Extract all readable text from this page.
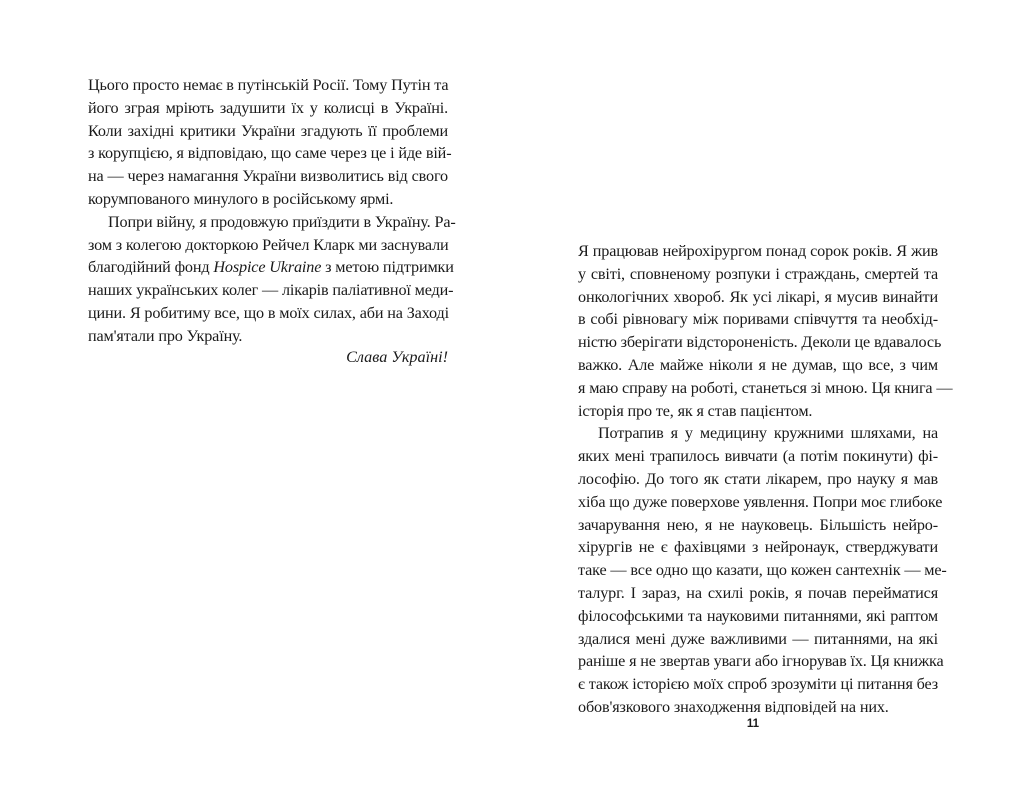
Цього просто немає в путінській Росії. Тому Путін та
його зграя мріють задушити їх у колисці в Україні.
Коли західні критики України згадують її проблеми
з корупцією, я відповідаю, що саме через це і йде вій-
на — через намагання України визволитись від свого
корумпованого минулого в російському ярмі.
Попри війну, я продовжую приїздити в Україну. Ра-
зом з колегою докторкою Рейчел Кларк ми заснували
благодійний фонд Hospice Ukraine з метою підтримки
наших українських колег — лікарів паліативної меди-
цини. Я робитиму все, що в моїх силах, аби на Заході
пам'ятали про Україну.
Слава Україні!
Я працював нейрохірургом понад сорок років. Я жив
у світі, сповненому розпуки і страждань, смертей та
онкологічних хвороб. Як усі лікарі, я мусив винайти
в собі рівновагу між поривами співчуття та необхід-
ністю зберігати відстороненість. Деколи це вдавалось
важко. Але майже ніколи я не думав, що все, з чим
я маю справу на роботі, станеться зі мною. Ця книга —
історія про те, як я став пацієнтом.
Потрапив я у медицину кружними шляхами, на
яких мені трапилось вивчати (а потім покинути) фі-
лософію. До того як стати лікарем, про науку я мав
хіба що дуже поверхове уявлення. Попри моє глибоке
зачарування нею, я не науковець. Більшість нейро-
хірургів не є фахівцями з нейронаук, стверджувати
таке — все одно що казати, що кожен сантехнік — ме-
талург. І зараз, на схилі років, я почав перейматися
філософськими та науковими питаннями, які раптом
здалися мені дуже важливими — питаннями, на які
раніше я не звертав уваги або ігнорував їх. Ця книжка
є також історією моїх спроб зрозуміти ці питання без
обов'язкового знаходження відповідей на них.
11
